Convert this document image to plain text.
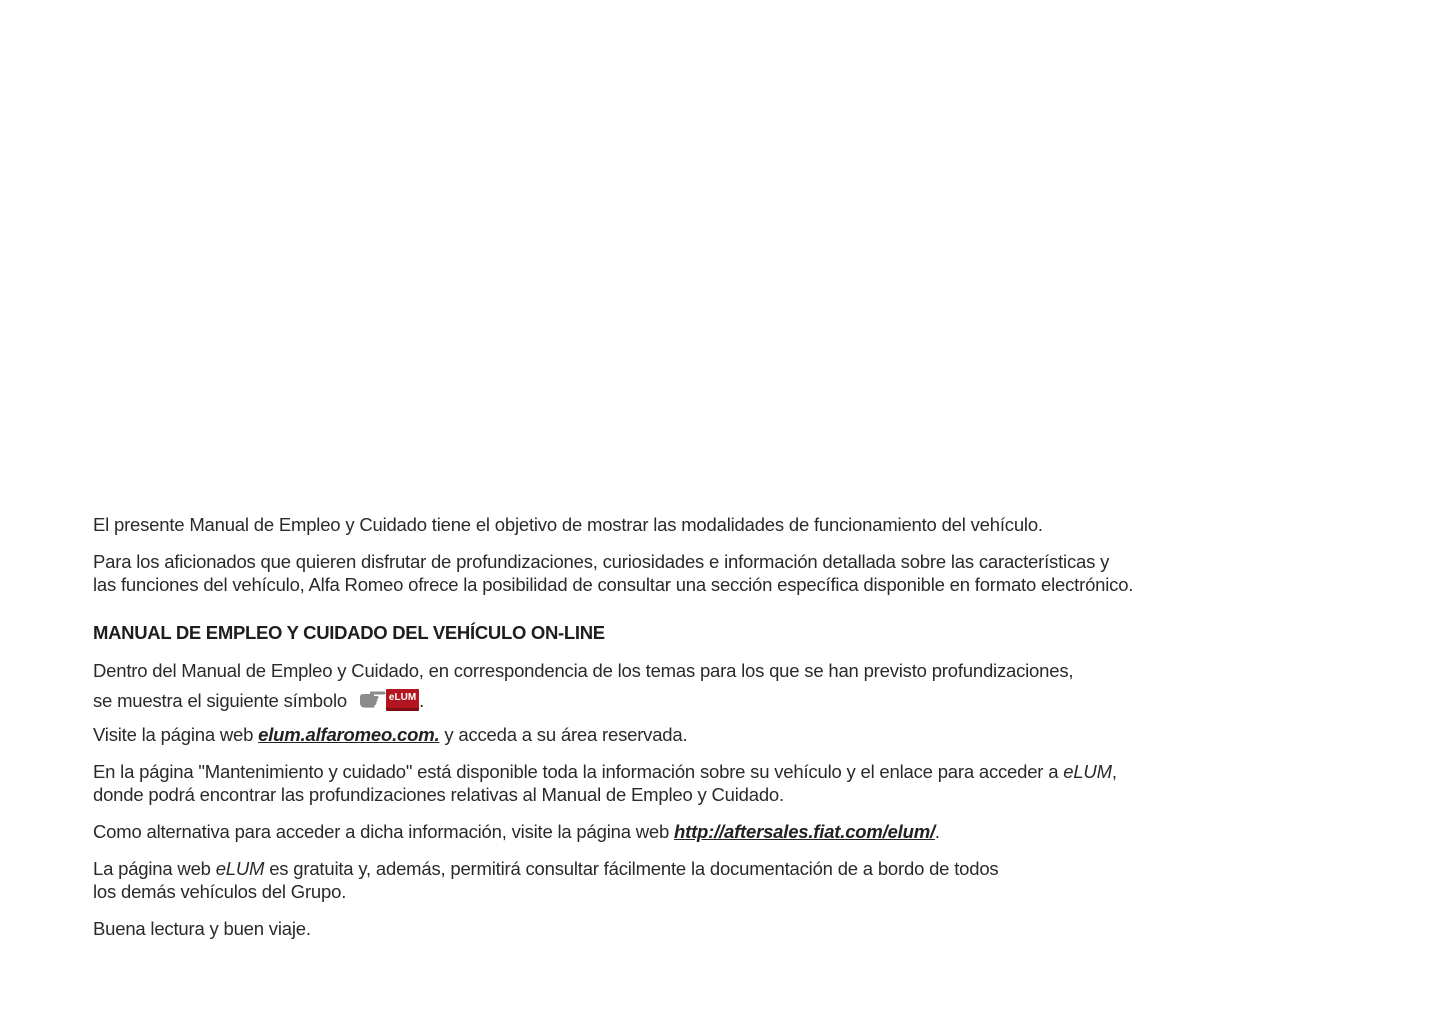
El presente Manual de Empleo y Cuidado tiene el objetivo de mostrar las modalidades de funcionamiento del vehículo.

Para los aficionados que quieren disfrutar de profundizaciones, curiosidades e información detallada sobre las características y
las funciones del vehículo, Alfa Romeo ofrece la posibilidad de consultar una sección específica disponible en formato electrónico.

MANUAL DE EMPLEO Y CUIDADO DEL VEHÍCULO ON-LINE

Dentro del Manual de Empleo y Cuidado, en correspondencia de los temas para los que se han previsto profundizaciones,
se muestra el siguiente símbolo	eLUM .

Visite la página web elum.alfaromeo.com. y acceda a su área reservada.

En la página "Mantenimiento y cuidado" está disponible toda la información sobre su vehículo y el enlace para acceder a eLUM,
donde podrá encontrar las profundizaciones relativas al Manual de Empleo y Cuidado.

Como alternativa para acceder a dicha información, visite la página web http://aftersales.fiat.com/elum/.

La página web eLUM es gratuita y, además, permitirá consultar fácilmente la documentación de a bordo de todos
los demás vehículos del Grupo.

Buena lectura y buen viaje.
